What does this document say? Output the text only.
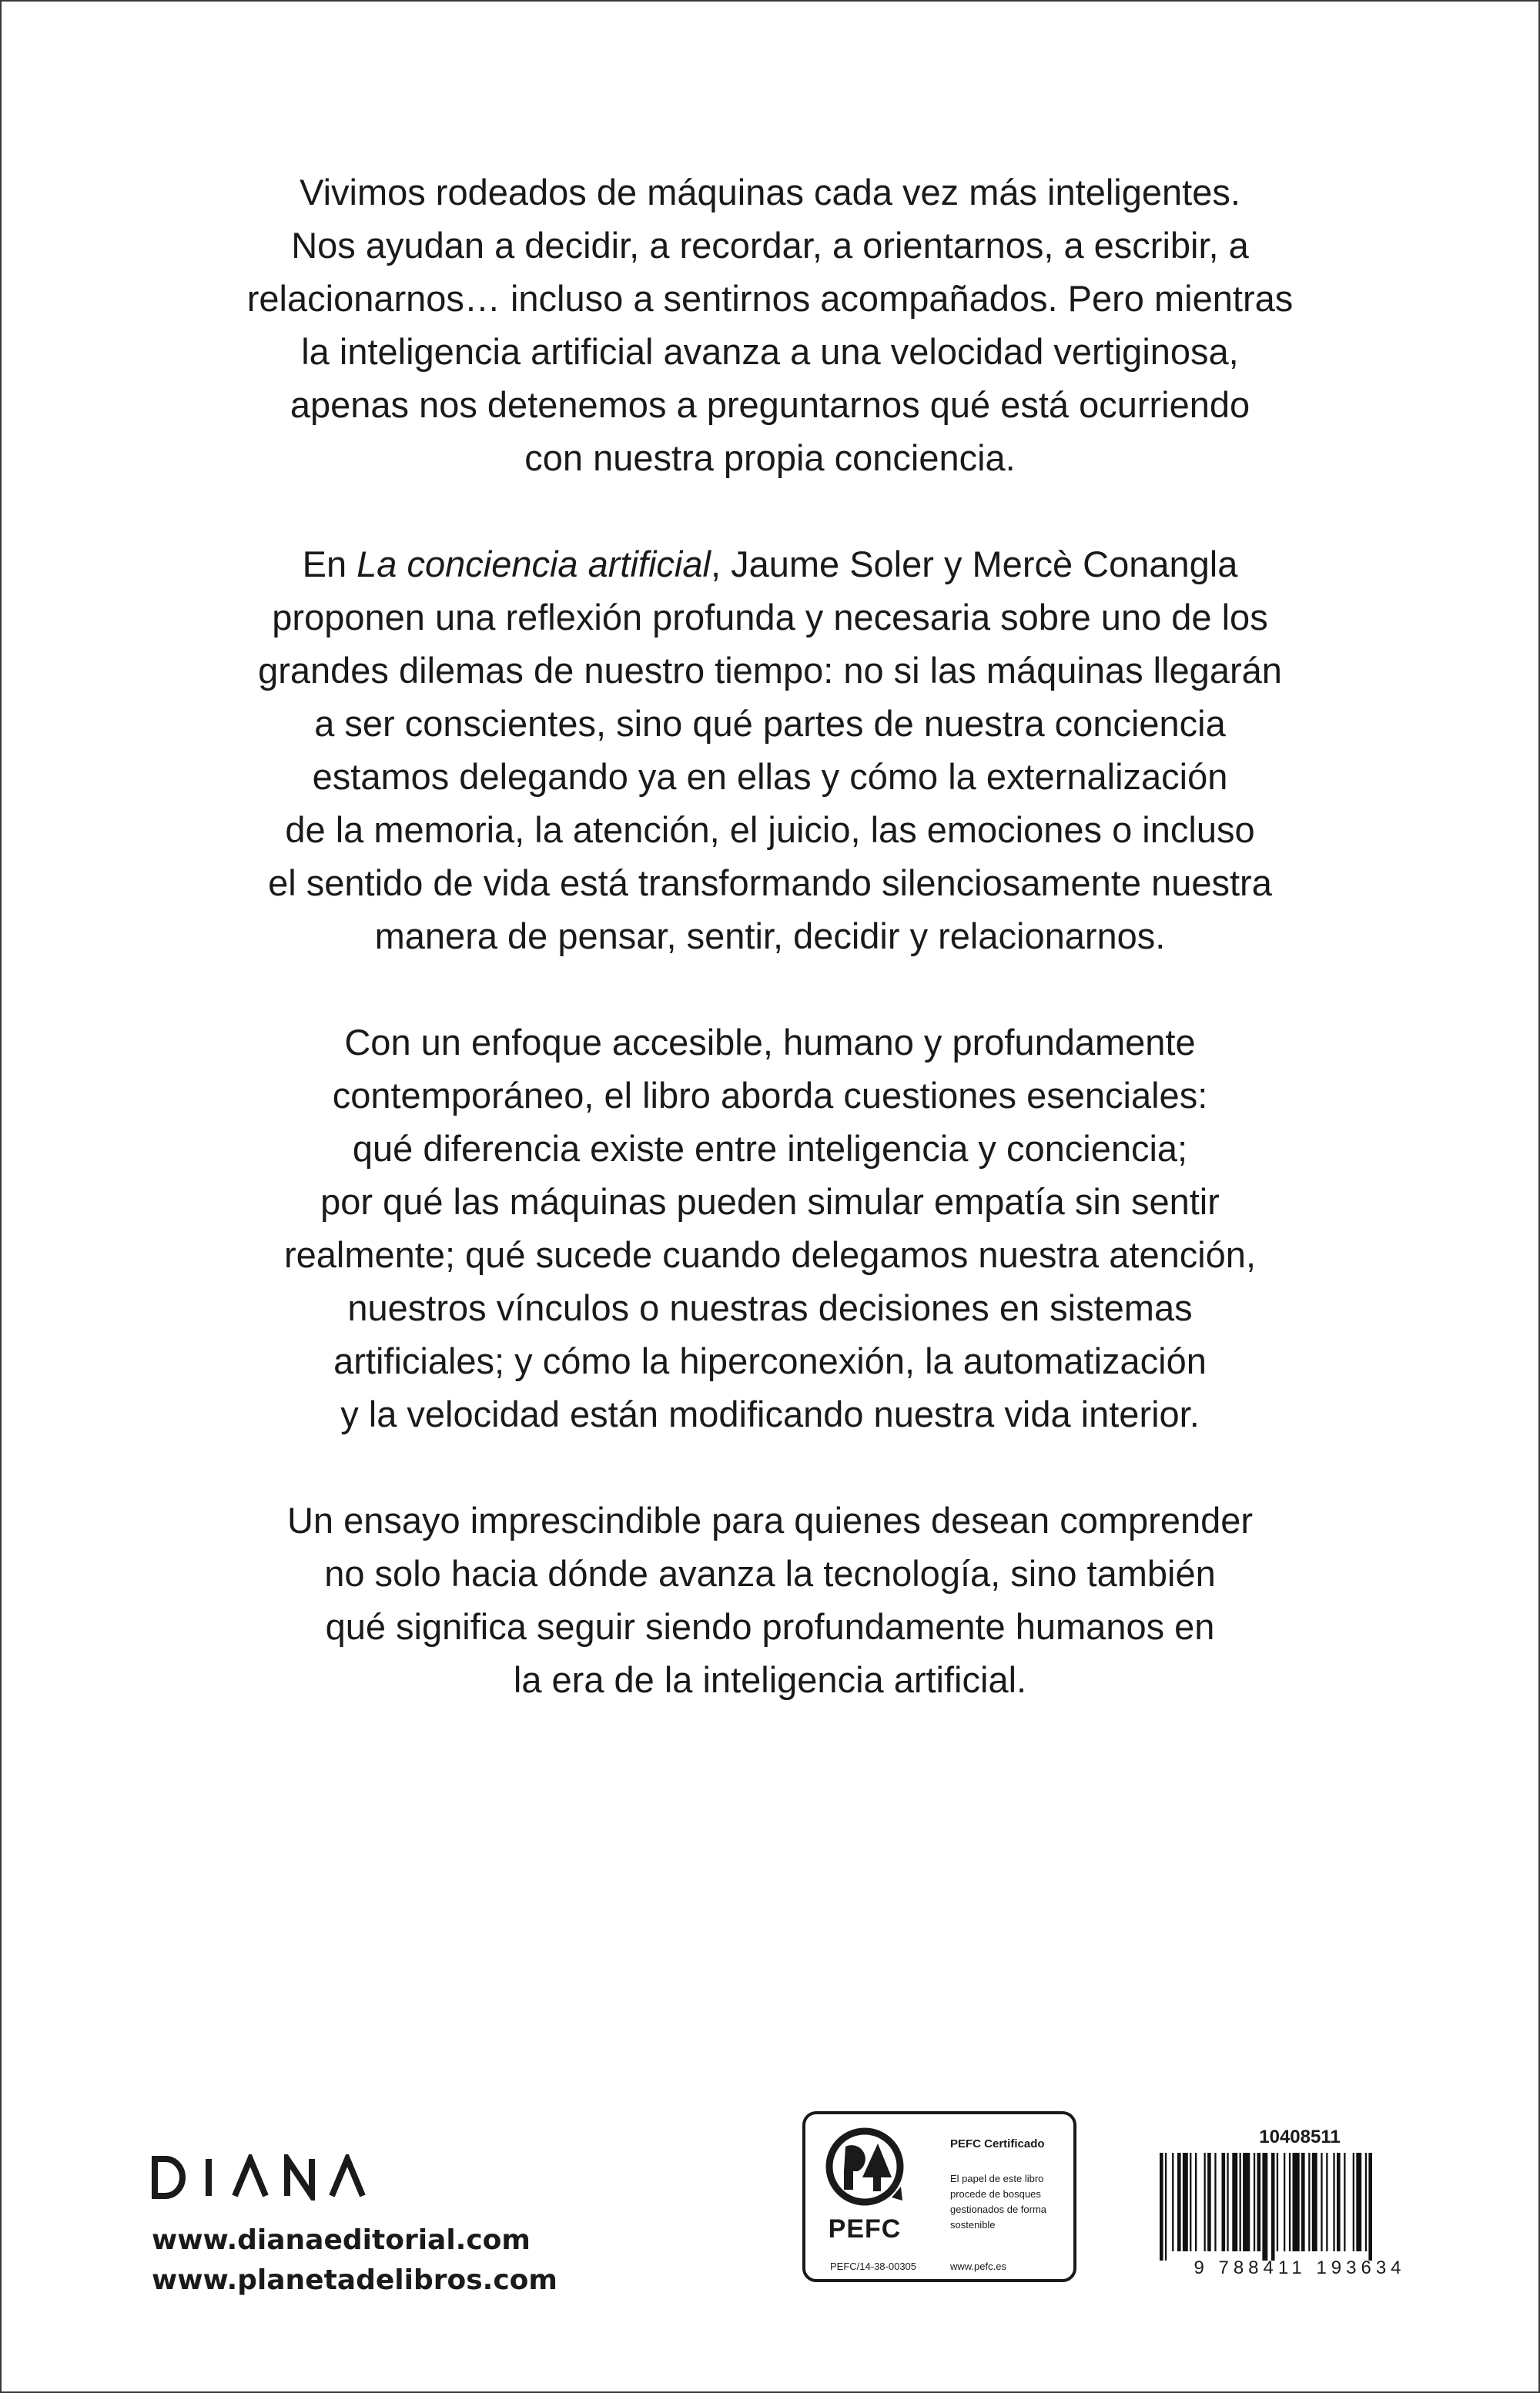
Vivimos rodeados de máquinas cada vez más inteligentes.
Nos ayudan a decidir, a recordar, a orientarnos, a escribir, a
relacionarnos… incluso a sentirnos acompañados. Pero mientras
la inteligencia artificial avanza a una velocidad vertiginosa,
apenas nos detenemos a preguntarnos qué está ocurriendo
con nuestra propia conciencia.
En La conciencia artificial, Jaume Soler y Mercè Conangla
proponen una reflexión profunda y necesaria sobre uno de los
grandes dilemas de nuestro tiempo: no si las máquinas llegarán
a ser conscientes, sino qué partes de nuestra conciencia
estamos delegando ya en ellas y cómo la externalización
de la memoria, la atención, el juicio, las emociones o incluso
el sentido de vida está transformando silenciosamente nuestra
manera de pensar, sentir, decidir y relacionarnos.
Con un enfoque accesible, humano y profundamente
contemporáneo, el libro aborda cuestiones esenciales:
qué diferencia existe entre inteligencia y conciencia;
por qué las máquinas pueden simular empatía sin sentir
realmente; qué sucede cuando delegamos nuestra atención,
nuestros vínculos o nuestras decisiones en sistemas
artificiales; y cómo la hiperconexión, la automatización
y la velocidad están modificando nuestra vida interior.
Un ensayo imprescindible para quienes desean comprender
no solo hacia dónde avanza la tecnología, sino también
qué significa seguir siendo profundamente humanos en
la era de la inteligencia artificial.
www.dianaeditorial.com
www.planetadelibros.com
PEFC
PEFC Certificado
El papel de este libro procede de bosques gestionados de forma sostenible
PEFC/14-38-00305	www.pefc.es
10408511
9 788411 193634
